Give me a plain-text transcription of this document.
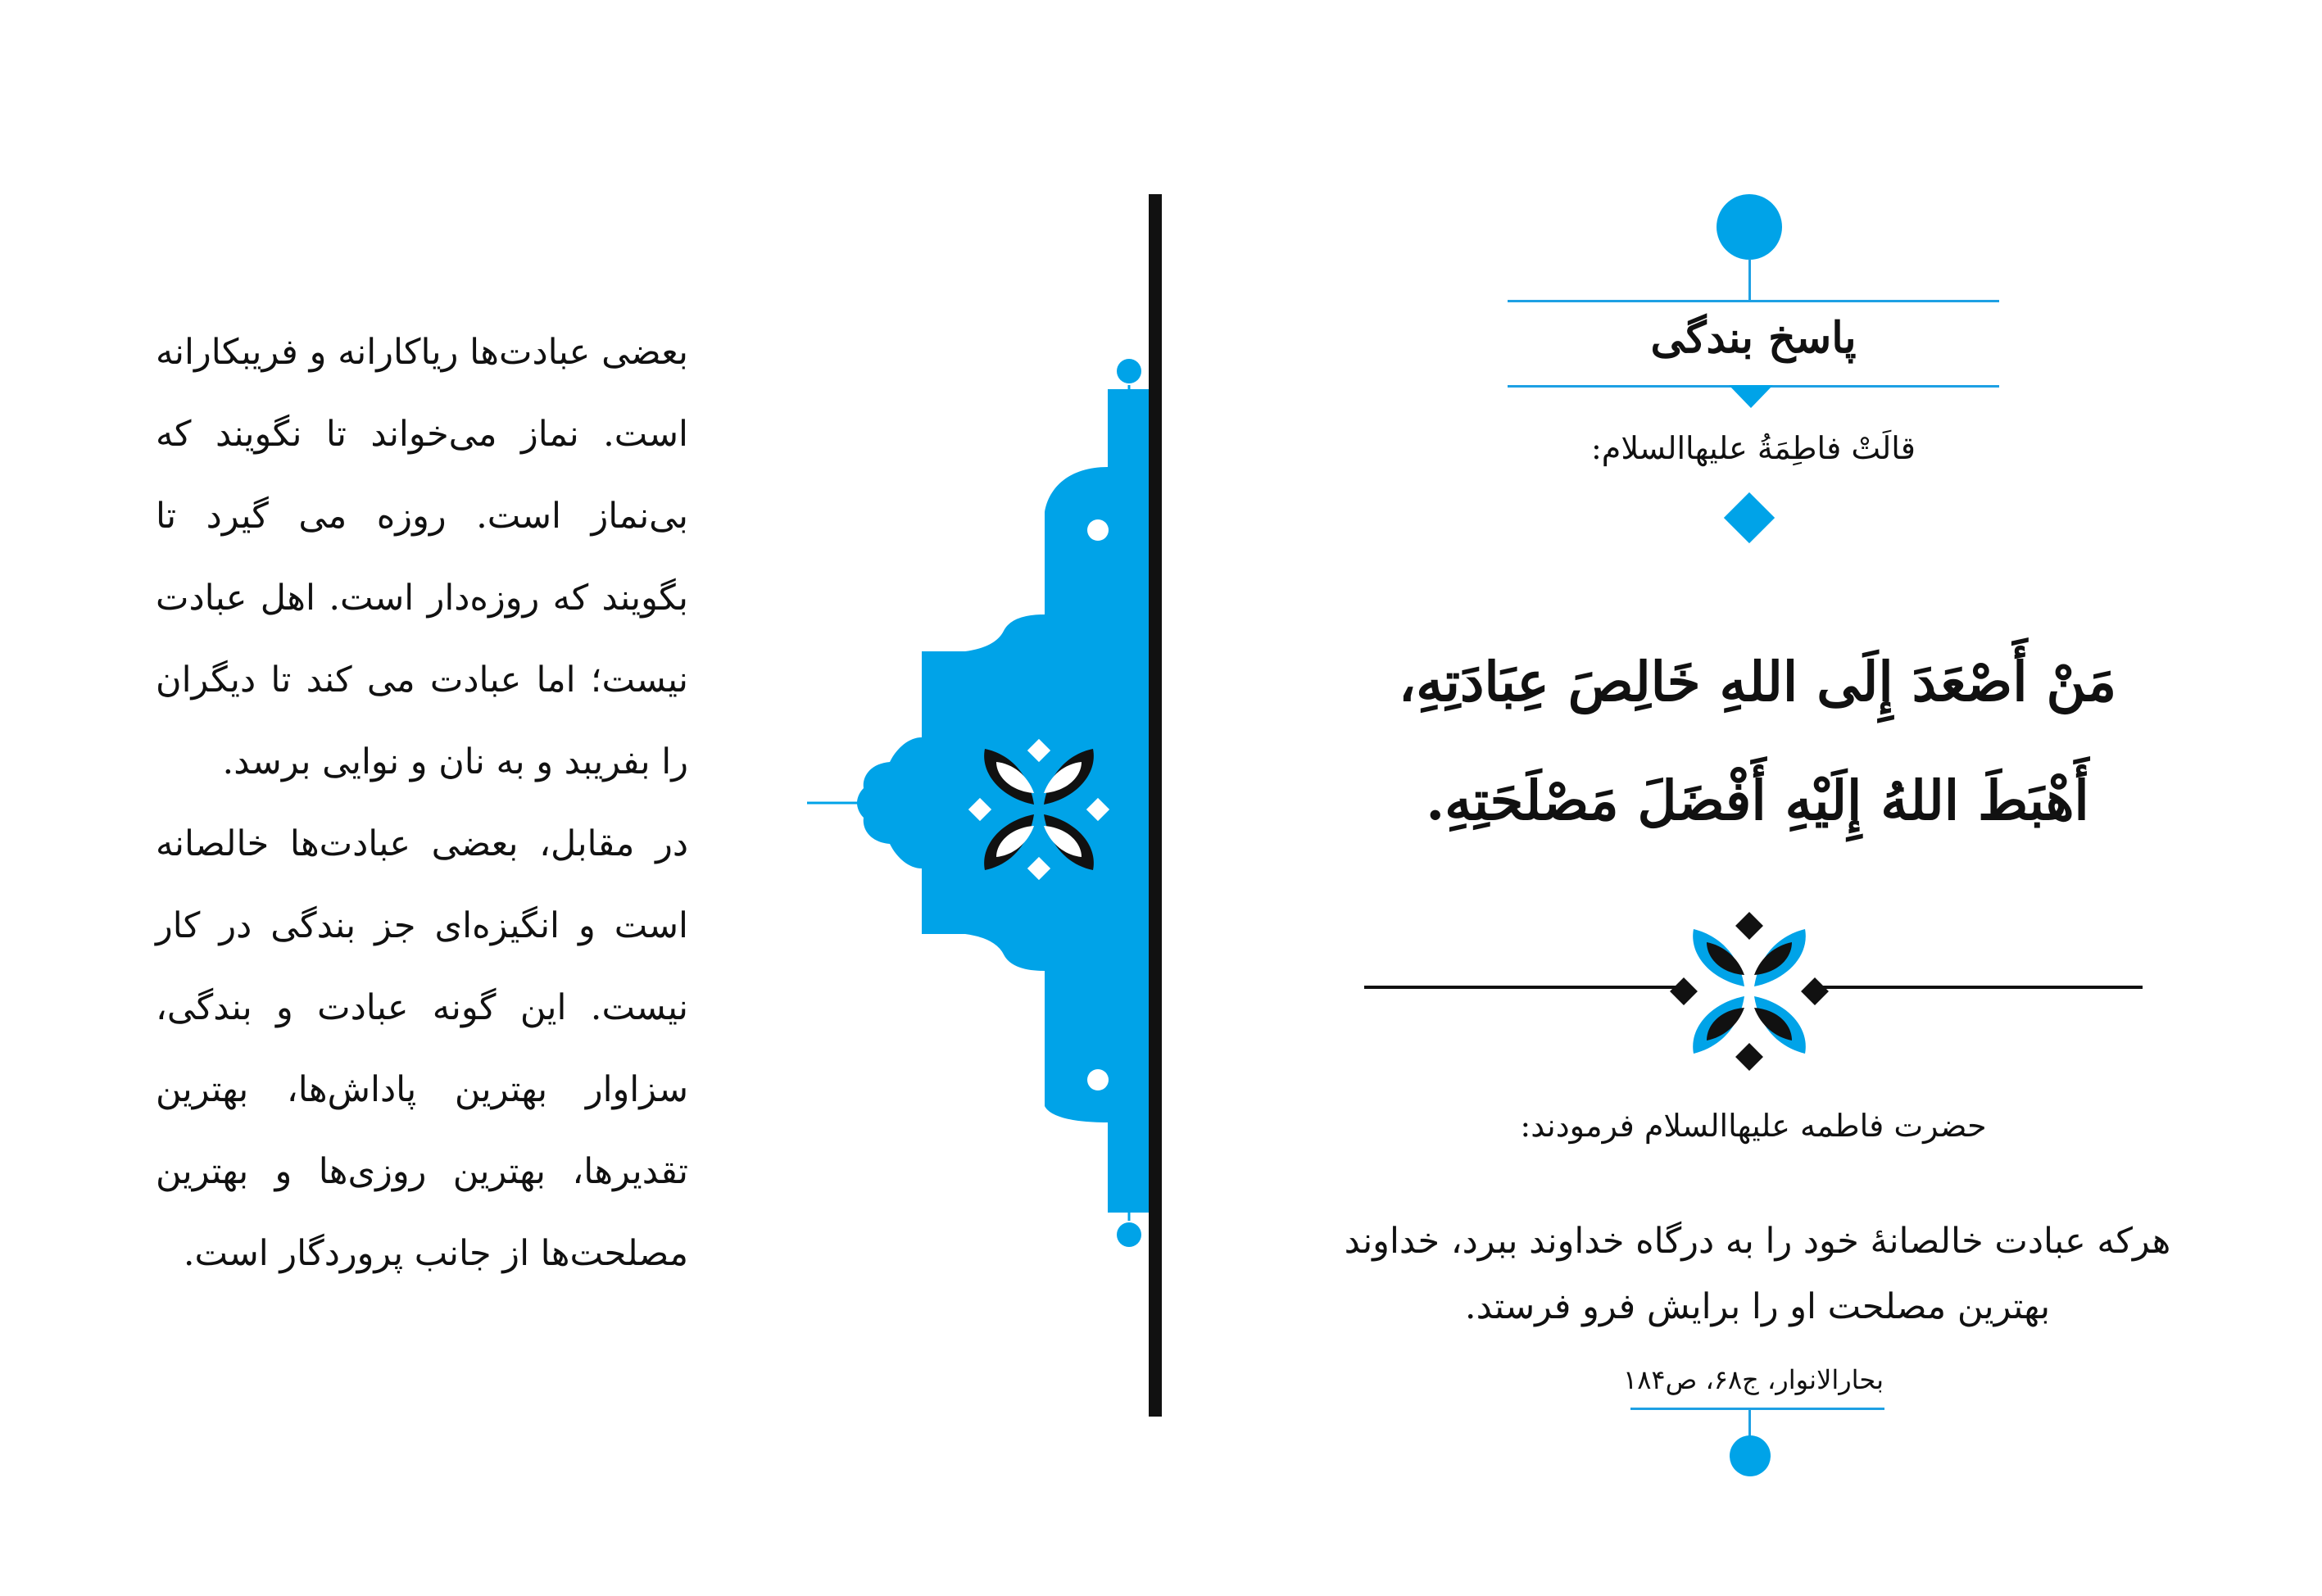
بعضی عبادت‌ها ریاکارانه و فریبکارانه است. نماز می‌خواند تا نگویند که بی‌نماز است. روزه می گیرد تا بگویند که روزه‌دار است. اهل عبادت نیست؛ اما عبادت می کند تا دیگران را بفریبد و به نان و نوایی برسد.

در مقابل، بعضی عبادت‌ها خالصانه است و انگیزه‌ای جز بندگی در کار نیست. این گونه عبادت و بندگی، سزاوار بهترین پاداش‌ها، بهترین تقدیرها، بهترین روزی‌ها و بهترین مصلحت‌ها از جانب پروردگار است.

پاسخ بندگی
قالَتْ فاطِمَةُ عليها‌السلام:
مَنْ أَصْعَدَ إِلَی اللهِ خَالِصَ عِبَادَتِهِ، أَهْبَطَ اللهُ إِلَیْهِ أَفْضَلَ مَصْلَحَتِهِ.
حضرت فاطمه عليها‌السلام فرمودند:
هرکه عبادت خالصانهٔ خود را به درگاه خداوند ببرد، خداوند بهترین مصلحت او را برایش فرو فرستد.
بحارالانوار، ج۶۸، ص۱۸۴
